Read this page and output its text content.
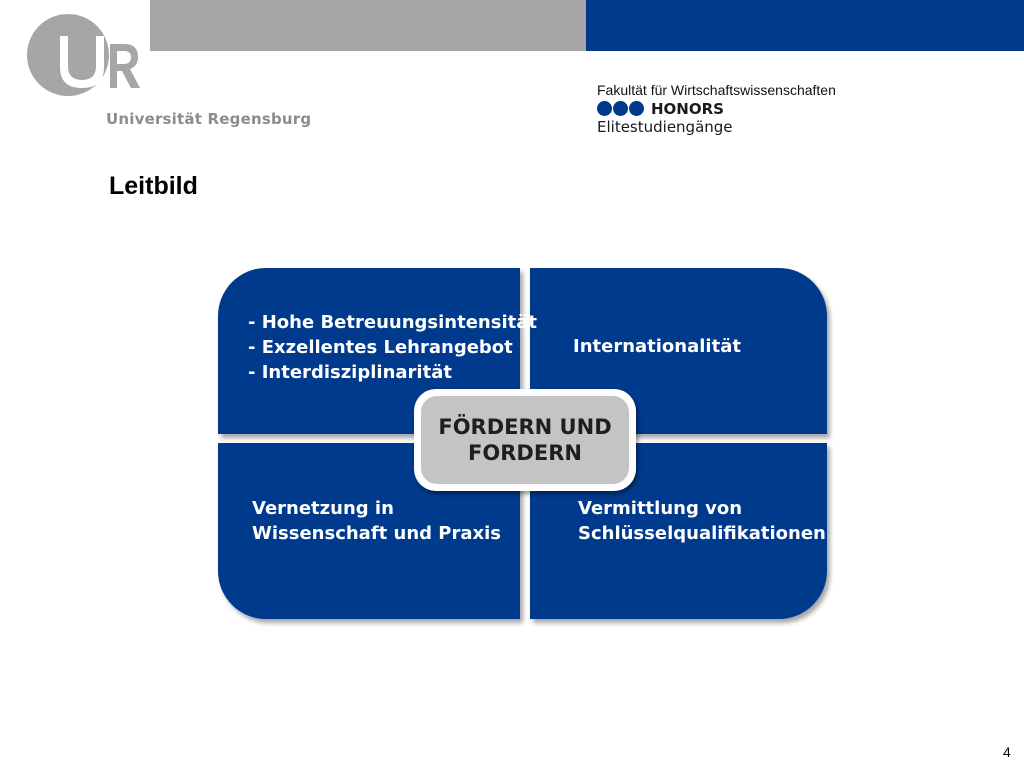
Universität Regensburg
Fakultät für Wirtschaftswissenschaften
HONORS
Elitestudiengänge
Leitbild
- Hohe Betreuungsintensität
- Exzellentes Lehrangebot
- Interdisziplinarität
Internationalität
Vernetzung in
Wissenschaft und Praxis
Vermittlung von
Schlüsselqualifikationen
FÖRDERN UND
FORDERN
4
